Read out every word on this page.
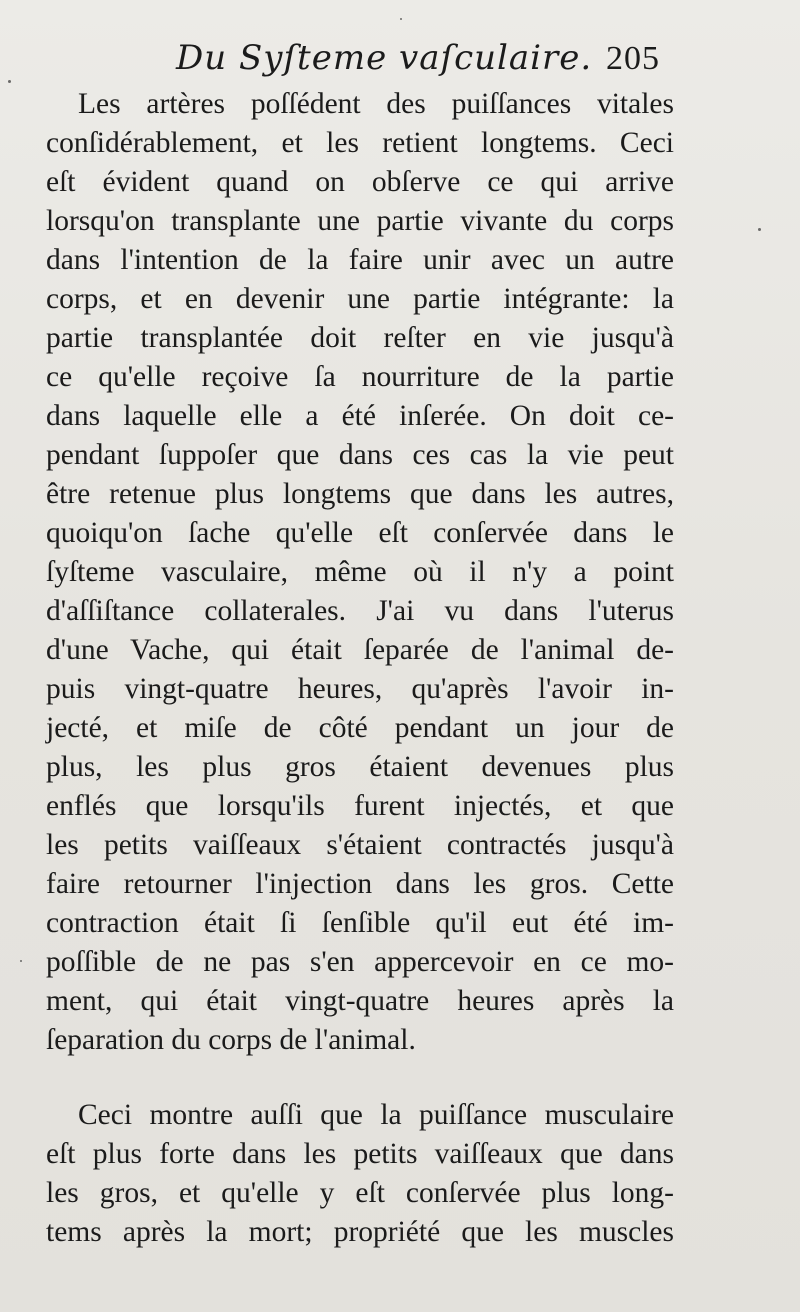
Du Syſteme vaſculaire. 205
Les artères poſſédent des puiſſances vitales
conſidérablement, et les retient longtems. Ceci
eſt évident quand on obſerve ce qui arrive
lorsqu'on transplante une partie vivante du corps
dans l'intention de la faire unir avec un autre
corps, et en devenir une partie intégrante: la
partie transplantée doit reſter en vie jusqu'à
ce qu'elle reçoive ſa nourriture de la partie
dans laquelle elle a été inſerée. On doit ce-
pendant ſuppoſer que dans ces cas la vie peut
être retenue plus longtems que dans les autres,
quoiqu'on ſache qu'elle eſt conſervée dans le
ſyſteme vasculaire, même où il n'y a point
d'aſſiſtance collaterales. J'ai vu dans l'uterus
d'une Vache, qui était ſeparée de l'animal de-
puis vingt-quatre heures, qu'après l'avoir in-
jecté, et miſe de côté pendant un jour de
plus, les plus gros étaient devenues plus
enflés que lorsqu'ils furent injectés, et que
les petits vaiſſeaux s'étaient contractés jusqu'à
faire retourner l'injection dans les gros. Cette
contraction était ſi ſenſible qu'il eut été im-
poſſible de ne pas s'en appercevoir en ce mo-
ment, qui était vingt-quatre heures après la
ſeparation du corps de l'animal.
Ceci montre auſſi que la puiſſance musculaire
eſt plus forte dans les petits vaiſſeaux que dans
les gros, et qu'elle y eſt conſervée plus long-
tems après la mort; propriété que les muscles
